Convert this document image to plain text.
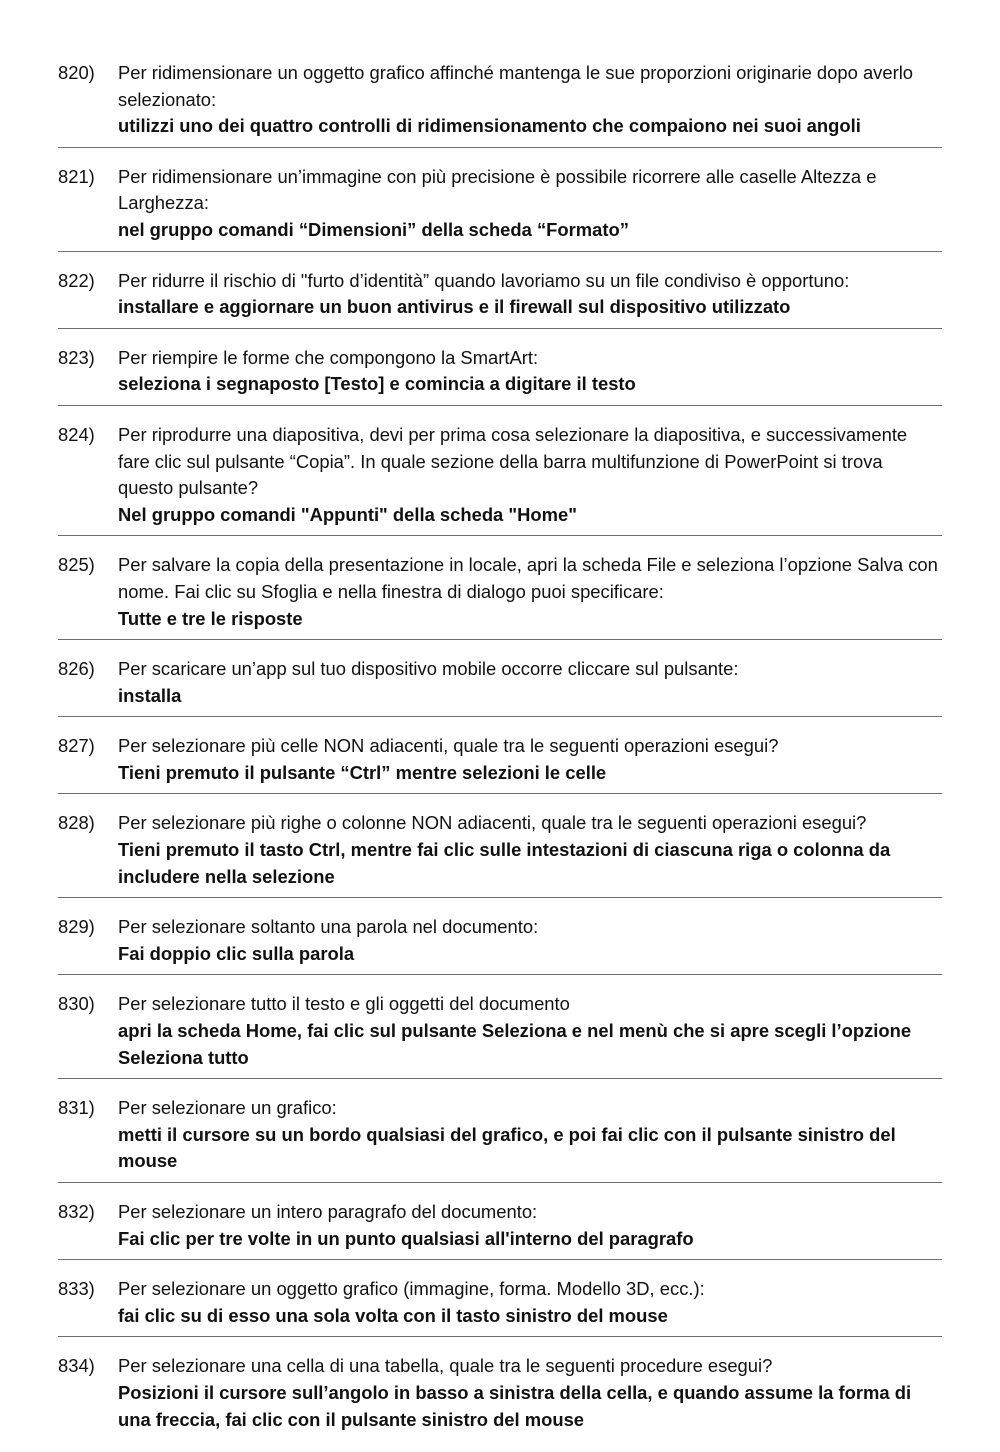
820)	Per ridimensionare un oggetto grafico affinché mantenga le sue proporzioni originarie dopo averlo selezionato:
utilizzi uno dei quattro controlli di ridimensionamento che compaiono nei suoi angoli
821)	Per ridimensionare un’immagine con più precisione è possibile ricorrere alle caselle Altezza e Larghezza:
nel gruppo comandi “Dimensioni” della scheda “Formato”
822)	Per ridurre il rischio di "furto d’identità” quando lavoriamo su un file condiviso è opportuno:
installare e aggiornare un buon antivirus e il firewall sul dispositivo utilizzato
823)	Per riempire le forme che compongono la SmartArt:
seleziona i segnaposto [Testo] e comincia a digitare il testo
824)	Per riprodurre una diapositiva, devi per prima cosa selezionare la diapositiva, e successivamente fare clic sul pulsante “Copia”. In quale sezione della barra multifunzione di PowerPoint si trova questo pulsante?
Nel gruppo comandi "Appunti" della scheda "Home"
825)	Per salvare la copia della presentazione in locale, apri la scheda File e seleziona l’opzione Salva con nome. Fai clic su Sfoglia e nella finestra di dialogo puoi specificare:
Tutte e tre le risposte
826)	Per scaricare un’app sul tuo dispositivo mobile occorre cliccare sul pulsante:
installa
827)	Per selezionare più celle NON adiacenti, quale tra le seguenti operazioni esegui?
Tieni premuto il pulsante “Ctrl” mentre selezioni le celle
828)	Per selezionare più righe o colonne NON adiacenti, quale tra le seguenti operazioni esegui?
Tieni premuto il tasto Ctrl, mentre fai clic sulle intestazioni di ciascuna riga o colonna da includere nella selezione
829)	Per selezionare soltanto una parola nel documento:
Fai doppio clic sulla parola
830)	Per selezionare tutto il testo e gli oggetti del documento
apri la scheda Home, fai clic sul pulsante Seleziona e nel menù che si apre scegli l’opzione Seleziona tutto
831)	Per selezionare un grafico:
metti il cursore su un bordo qualsiasi del grafico, e poi fai clic con il pulsante sinistro del mouse
832)	Per selezionare un intero paragrafo del documento:
Fai clic per tre volte in un punto qualsiasi all'interno del paragrafo
833)	Per selezionare un oggetto grafico (immagine, forma. Modello 3D, ecc.):
fai clic su di esso una sola volta con il tasto sinistro del mouse
834)	Per selezionare una cella di una tabella, quale tra le seguenti procedure esegui?
Posizioni il cursore sull’angolo in basso a sinistra della cella, e quando assume la forma di una freccia, fai clic con il pulsante sinistro del mouse
